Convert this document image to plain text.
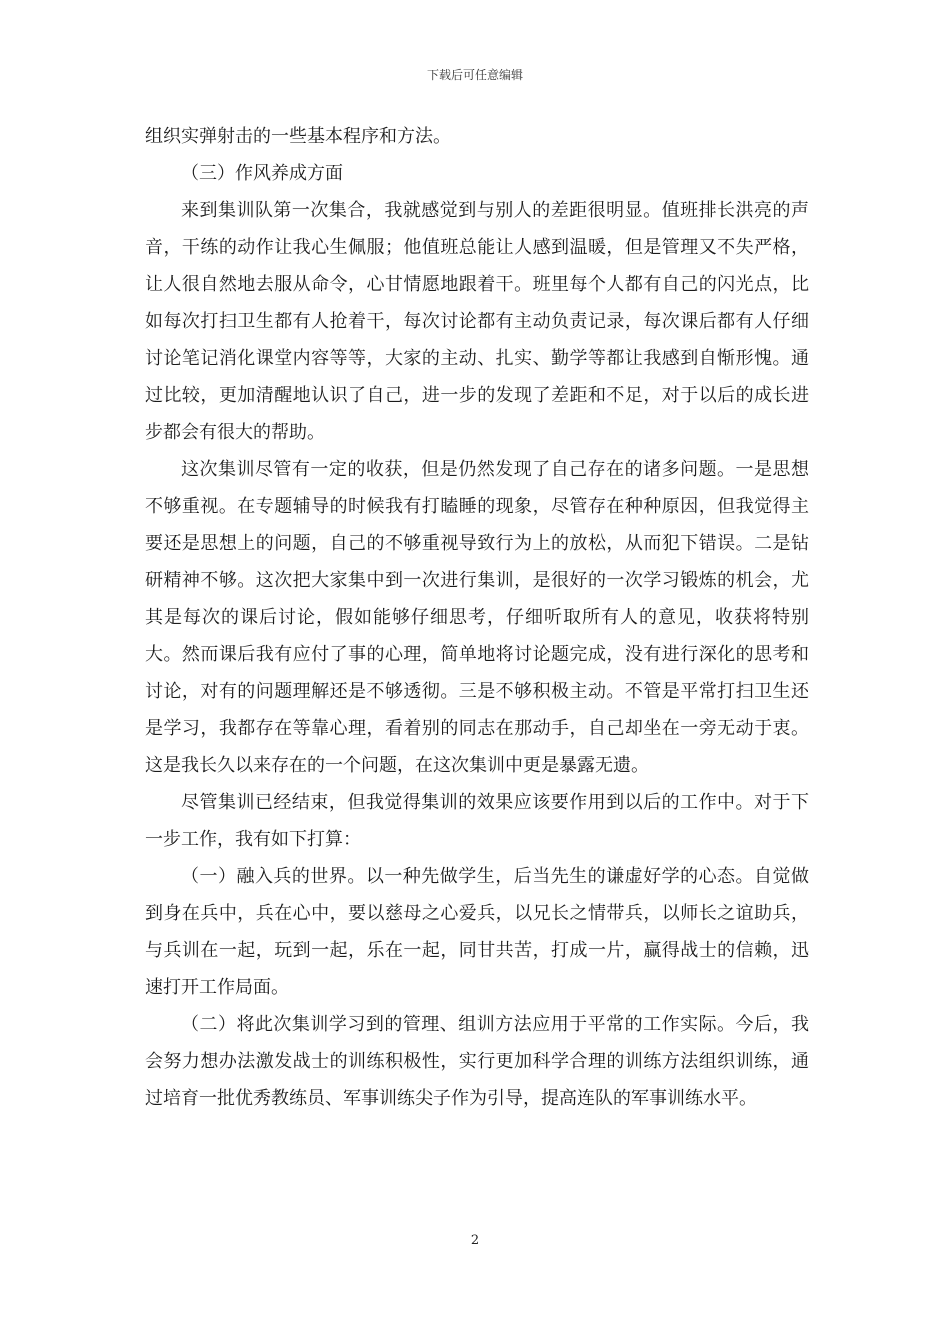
下载后可任意编辑

组织实弹射击的一些基本程序和方法。

（三）作风养成方面

来到集训队第一次集合，我就感觉到与别人的差距很明显。值班排长洪亮的声音，干练的动作让我心生佩服；他值班总能让人感到温暖，但是管理又不失严格，让人很自然地去服从命令，心甘情愿地跟着干。班里每个人都有自己的闪光点，比如每次打扫卫生都有人抢着干，每次讨论都有主动负责记录，每次课后都有人仔细讨论笔记消化课堂内容等等，大家的主动、扎实、勤学等都让我感到自惭形愧。通过比较，更加清醒地认识了自己，进一步的发现了差距和不足，对于以后的成长进步都会有很大的帮助。

这次集训尽管有一定的收获，但是仍然发现了自己存在的诸多问题。一是思想不够重视。在专题辅导的时候我有打瞌睡的现象，尽管存在种种原因，但我觉得主要还是思想上的问题，自己的不够重视导致行为上的放松，从而犯下错误。二是钻研精神不够。这次把大家集中到一次进行集训，是很好的一次学习锻炼的机会，尤其是每次的课后讨论，假如能够仔细思考，仔细听取所有人的意见，收获将特别大。然而课后我有应付了事的心理，简单地将讨论题完成，没有进行深化的思考和讨论，对有的问题理解还是不够透彻。三是不够积极主动。不管是平常打扫卫生还是学习，我都存在等靠心理，看着别的同志在那动手，自己却坐在一旁无动于衷。这是我长久以来存在的一个问题，在这次集训中更是暴露无遗。

尽管集训已经结束，但我觉得集训的效果应该要作用到以后的工作中。对于下一步工作，我有如下打算：

（一）融入兵的世界。以一种先做学生，后当先生的谦虚好学的心态。自觉做到身在兵中，兵在心中，要以慈母之心爱兵，以兄长之情带兵，以师长之谊助兵，与兵训在一起，玩到一起，乐在一起，同甘共苦，打成一片，赢得战士的信赖，迅速打开工作局面。

（二）将此次集训学习到的管理、组训方法应用于平常的工作实际。今后，我会努力想办法激发战士的训练积极性，实行更加科学合理的训练方法组织训练，通过培育一批优秀教练员、军事训练尖子作为引导，提高连队的军事训练水平。

2
